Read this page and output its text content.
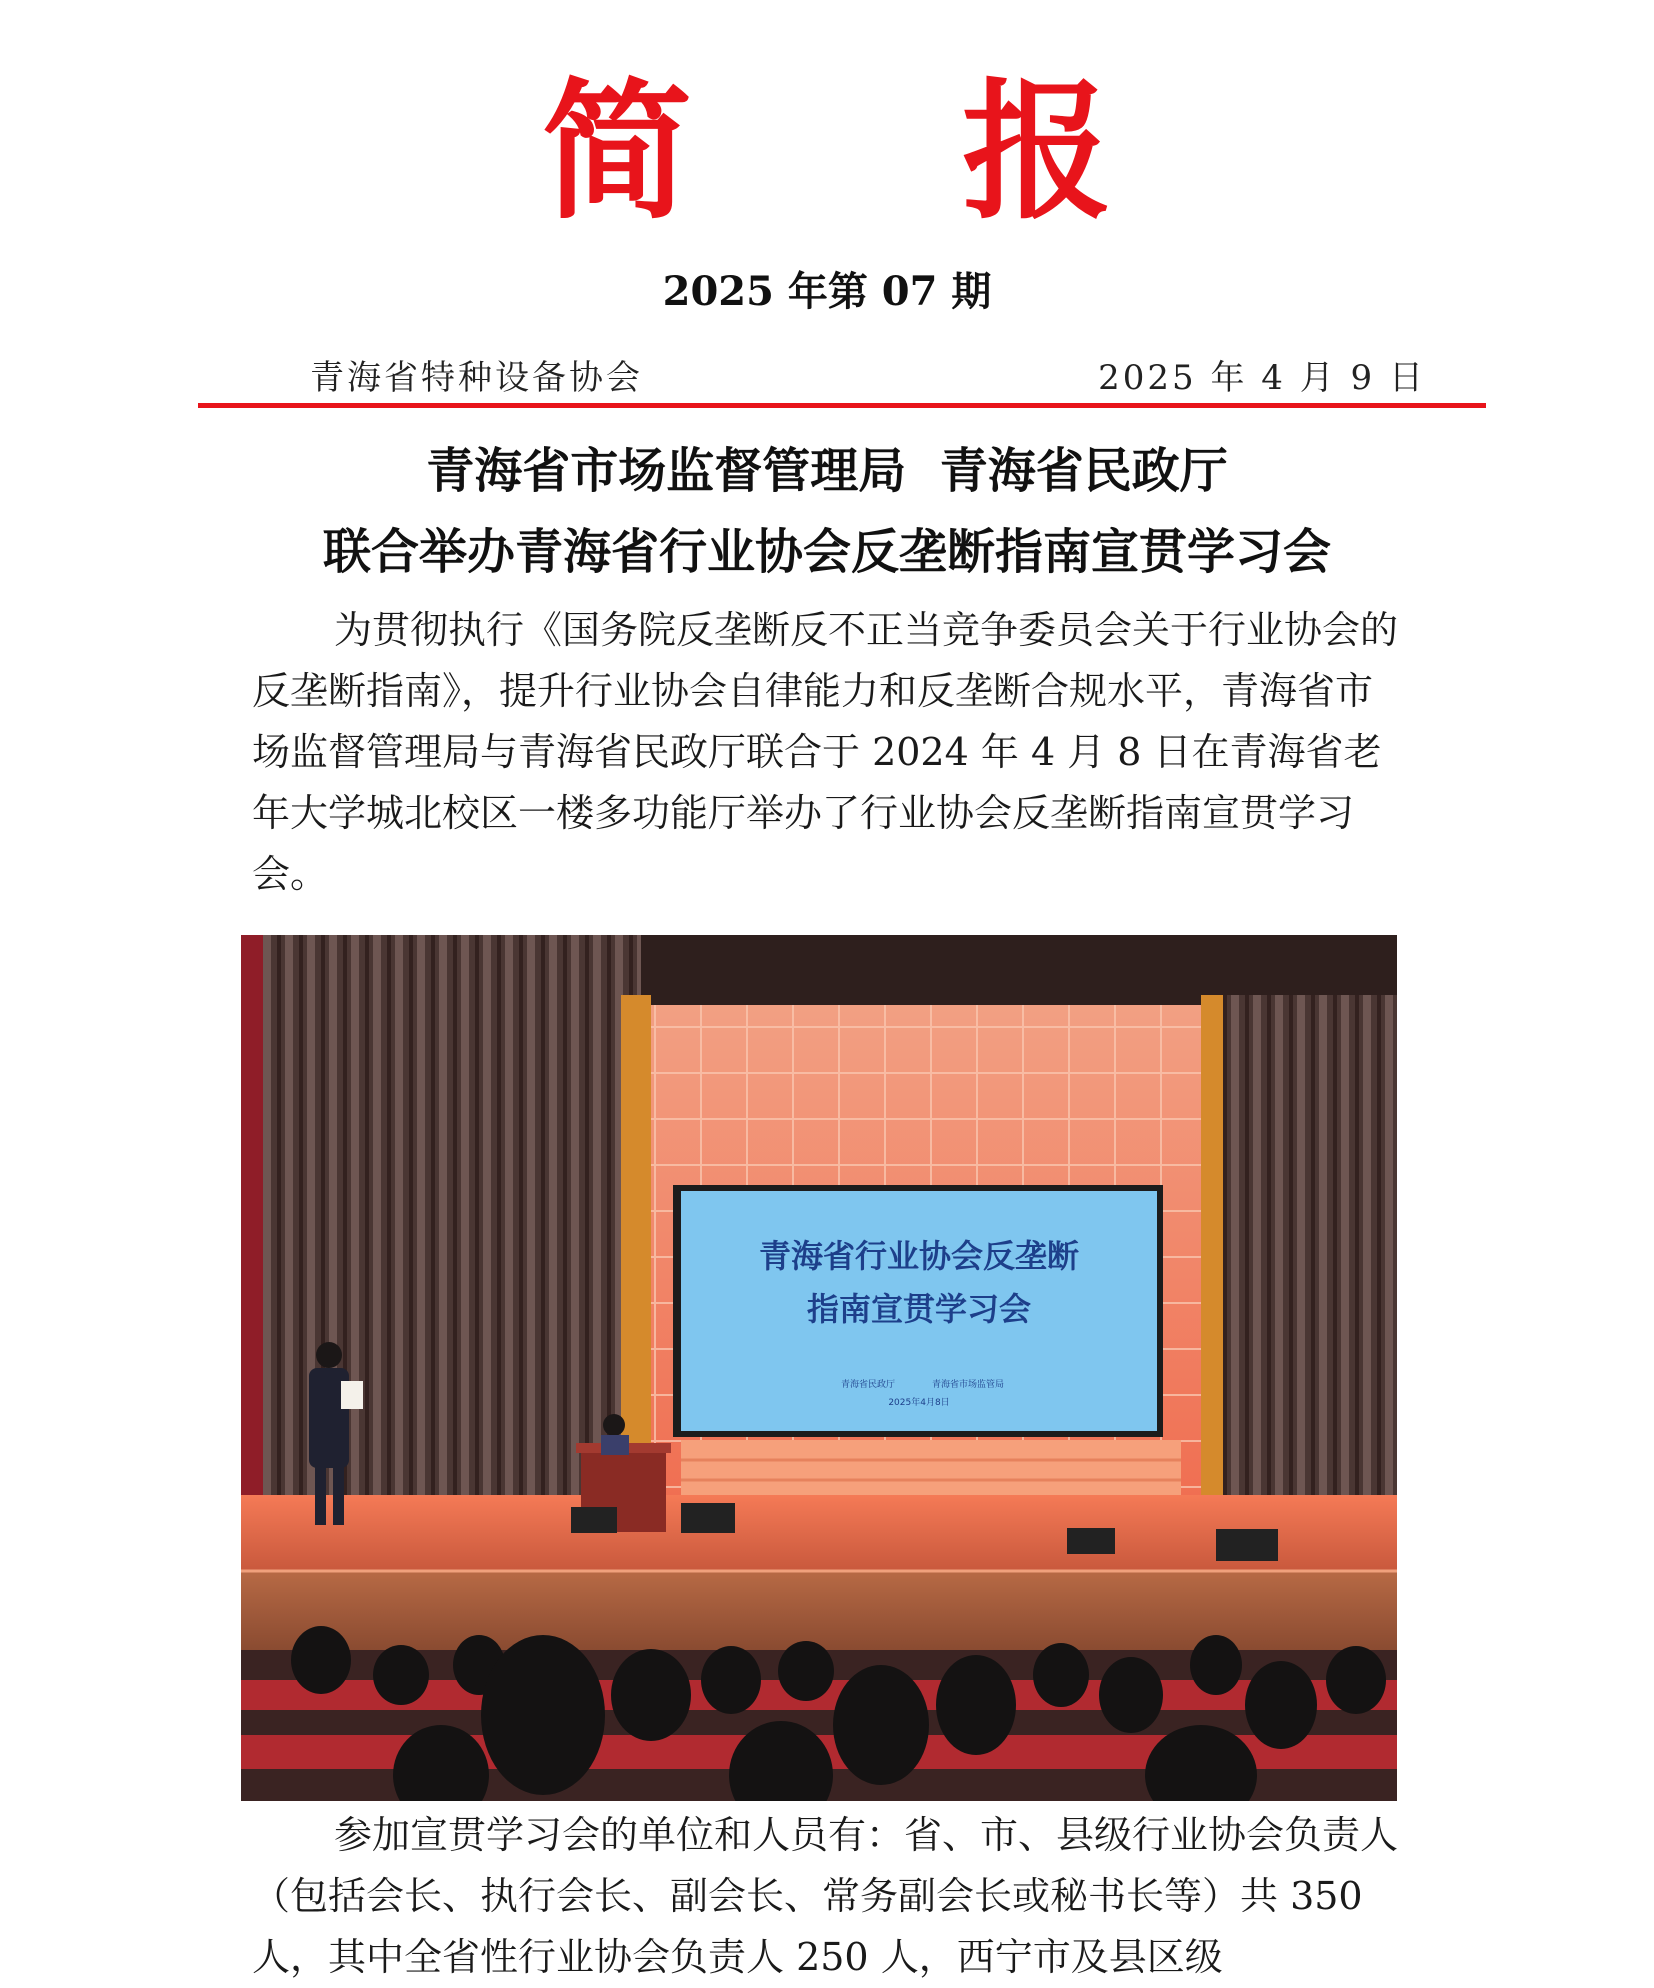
简 报
2025 年第 07 期
青海省特种设备协会	2025 年 4 月 9 日
青海省市场监督管理局  青海省民政厅
联合举办青海省行业协会反垄断指南宣贯学习会

为贯彻执行《国务院反垄断反不正当竞争委员会关于行业协会的反垄断指南》，提升行业协会自律能力和反垄断合规水平，青海省市场监督管理局与青海省民政厅联合于 2024 年 4 月 8 日在青海省老年大学城北校区一楼多功能厅举办了行业协会反垄断指南宣贯学习会。

青海省行业协会反垄断
指南宣贯学习会
青海省民政厅	青海省市场监管局
2025年4月8日

参加宣贯学习会的单位和人员有：省、市、县级行业协会负责人（包括会长、执行会长、副会长、常务副会长或秘书长等）共 350 人，其中全省性行业协会负责人 250 人，西宁市及县区级
